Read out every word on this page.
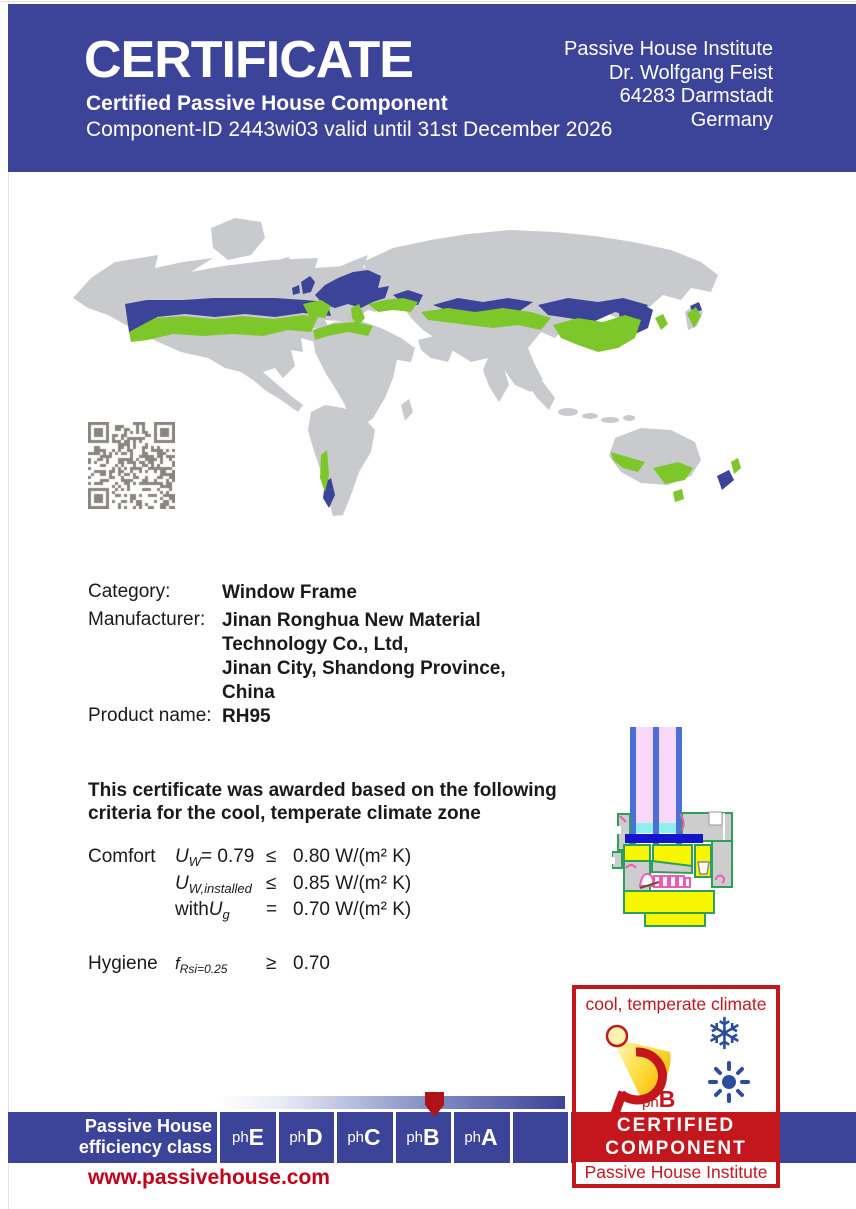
CERTIFICATE
Certified Passive House Component
Component-ID 2443wi03 valid until 31st December 2026
Passive House Institute
Dr. Wolfgang Feist
64283 Darmstadt
Germany
Category:	Window Frame
Manufacturer: Jinan Ronghua New Material
Technology Co., Ltd,
Jinan City, Shandong Province,
China
Product name: RH95
This certificate was awarded based on the following
criteria for the cool, temperate climate zone
Comfort	$U_W= 0.79 \le 0.80$ W/(m² K)
$U_{W,installed} \le 0.85$ W/(m² K)
withU$_g$	= 0.70 W/(m² K)
Hygiene	$f_{Rsi=0.25}$	≥ 0.70
Passive House
efficiency class ph E ph D ph C ph B ph A
www.passivehouse.com
cool, temperate climate
ph B
❄
CERTIFIED
COMPONENT
Passive House Institute
